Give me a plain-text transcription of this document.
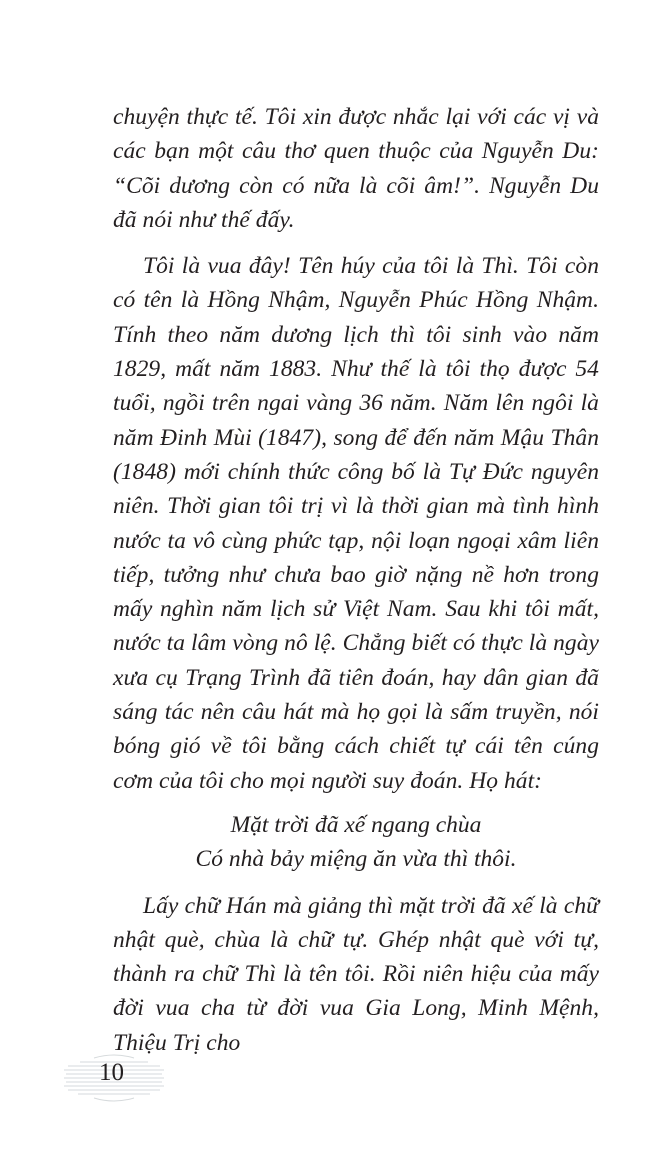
chuyện thực tế. Tôi xin được nhắc lại với các vị và các bạn một câu thơ quen thuộc của Nguyễn Du: “Cõi dương còn có nữa là cõi âm!”. Nguyễn Du đã nói như thế đấy.

Tôi là vua đây! Tên húy của tôi là Thì. Tôi còn có tên là Hồng Nhậm, Nguyễn Phúc Hồng Nhậm. Tính theo năm dương lịch thì tôi sinh vào năm 1829, mất năm 1883. Như thế là tôi thọ được 54 tuổi, ngồi trên ngai vàng 36 năm. Năm lên ngôi là năm Đinh Mùi (1847), song để đến năm Mậu Thân (1848) mới chính thức công bố là Tự Đức nguyên niên. Thời gian tôi trị vì là thời gian mà tình hình nước ta vô cùng phức tạp, nội loạn ngoại xâm liên tiếp, tưởng như chưa bao giờ nặng nề hơn trong mấy nghìn năm lịch sử Việt Nam. Sau khi tôi mất, nước ta lâm vòng nô lệ. Chẳng biết có thực là ngày xưa cụ Trạng Trình đã tiên đoán, hay dân gian đã sáng tác nên câu hát mà họ gọi là sấm truyền, nói bóng gió về tôi bằng cách chiết tự cái tên cúng cơm của tôi cho mọi người suy đoán. Họ hát:

Mặt trời đã xế ngang chùa
Có nhà bảy miệng ăn vừa thì thôi.

Lấy chữ Hán mà giảng thì mặt trời đã xế là chữ nhật què, chùa là chữ tự. Ghép nhật què với tự, thành ra chữ Thì là tên tôi. Rồi niên hiệu của mấy đời vua cha từ đời vua Gia Long, Minh Mệnh, Thiệu Trị cho

10
